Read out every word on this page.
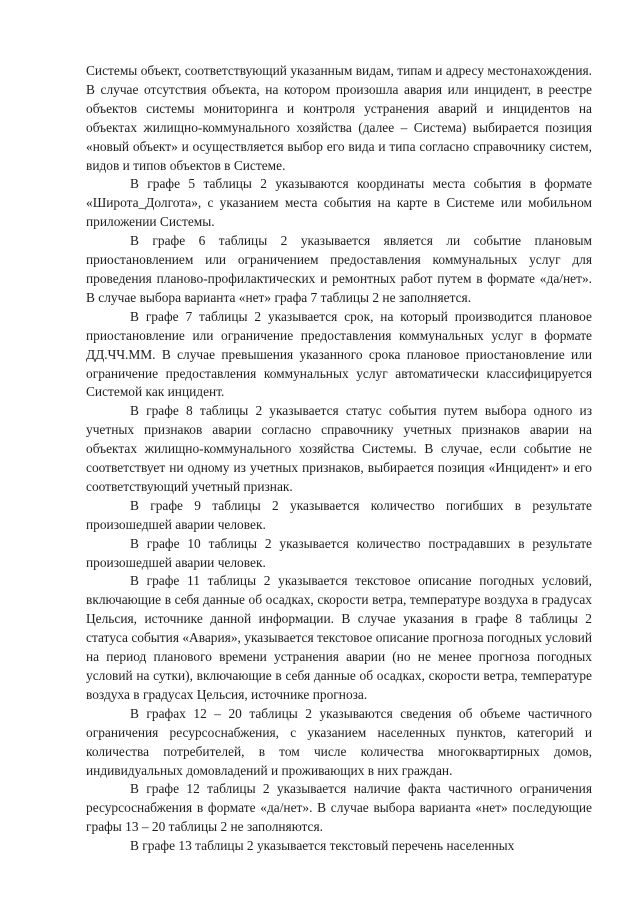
Системы объект, соответствующий указанным видам, типам и адресу местонахождения. В случае отсутствия объекта, на котором произошла авария или инцидент, в реестре объектов системы мониторинга и контроля устранения аварий и инцидентов на объектах жилищно-коммунального хозяйства (далее – Система) выбирается позиция «новый объект» и осуществляется выбор его вида и типа согласно справочнику систем, видов и типов объектов в Системе.

В графе 5 таблицы 2 указываются координаты места события в формате «Широта_Долгота», с указанием места события на карте в Системе или мобильном приложении Системы.

В графе 6 таблицы 2 указывается является ли событие плановым приостановлением или ограничением предоставления коммунальных услуг для проведения планово-профилактических и ремонтных работ путем в формате «да/нет». В случае выбора варианта «нет» графа 7 таблицы 2 не заполняется.

В графе 7 таблицы 2 указывается срок, на который производится плановое приостановление или ограничение предоставления коммунальных услуг в формате ДД.ЧЧ.ММ. В случае превышения указанного срока плановое приостановление или ограничение предоставления коммунальных услуг автоматически классифицируется Системой как инцидент.

В графе 8 таблицы 2 указывается статус события путем выбора одного из учетных признаков аварии согласно справочнику учетных признаков аварии на объектах жилищно-коммунального хозяйства Системы. В случае, если событие не соответствует ни одному из учетных признаков, выбирается позиция «Инцидент» и его соответствующий учетный признак.

В графе 9 таблицы 2 указывается количество погибших в результате произошедшей аварии человек.

В графе 10 таблицы 2 указывается количество пострадавших в результате произошедшей аварии человек.

В графе 11 таблицы 2 указывается текстовое описание погодных условий, включающие в себя данные об осадках, скорости ветра, температуре воздуха в градусах Цельсия, источнике данной информации. В случае указания в графе 8 таблицы 2 статуса события «Авария», указывается текстовое описание прогноза погодных условий на период планового времени устранения аварии (но не менее прогноза погодных условий на сутки), включающие в себя данные об осадках, скорости ветра, температуре воздуха в градусах Цельсия, источнике прогноза.

В графах 12 – 20 таблицы 2 указываются сведения об объеме частичного ограничения ресурсоснабжения, с указанием населенных пунктов, категорий и количества потребителей, в том числе количества многоквартирных домов, индивидуальных домовладений и проживающих в них граждан.

В графе 12 таблицы 2 указывается наличие факта частичного ограничения ресурсоснабжения в формате «да/нет». В случае выбора варианта «нет» последующие графы 13 – 20 таблицы 2 не заполняются.

В графе 13 таблицы 2 указывается текстовый перечень населенных
